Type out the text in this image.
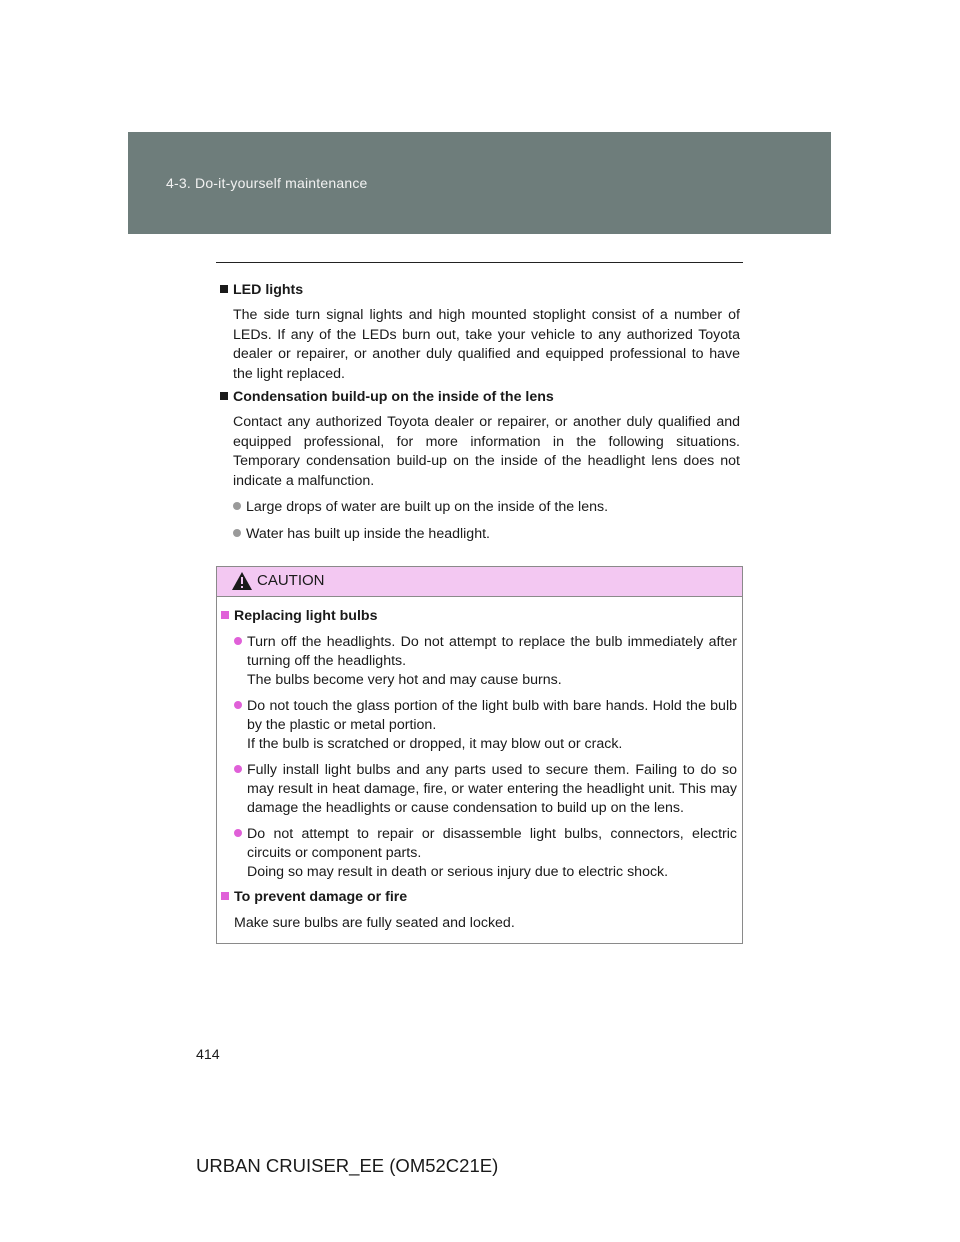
4-3. Do-it-yourself maintenance
LED lights
The side turn signal lights and high mounted stoplight consist of a number of LEDs. If any of the LEDs burn out, take your vehicle to any authorized Toyota dealer or repairer, or another duly qualified and equipped professional to have the light replaced.
Condensation build-up on the inside of the lens
Contact any authorized Toyota dealer or repairer, or another duly qualified and equipped professional, for more information in the following situations. Temporary condensation build-up on the inside of the headlight lens does not indicate a malfunction.
Large drops of water are built up on the inside of the lens.
Water has built up inside the headlight.
CAUTION
Replacing light bulbs
Turn off the headlights. Do not attempt to replace the bulb immediately after turning off the headlights.
The bulbs become very hot and may cause burns.
Do not touch the glass portion of the light bulb with bare hands. Hold the bulb by the plastic or metal portion.
If the bulb is scratched or dropped, it may blow out or crack.
Fully install light bulbs and any parts used to secure them. Failing to do so may result in heat damage, fire, or water entering the headlight unit. This may damage the headlights or cause condensation to build up on the lens.
Do not attempt to repair or disassemble light bulbs, connectors, electric circuits or component parts.
Doing so may result in death or serious injury due to electric shock.
To prevent damage or fire
Make sure bulbs are fully seated and locked.
414
URBAN CRUISER_EE (OM52C21E)
